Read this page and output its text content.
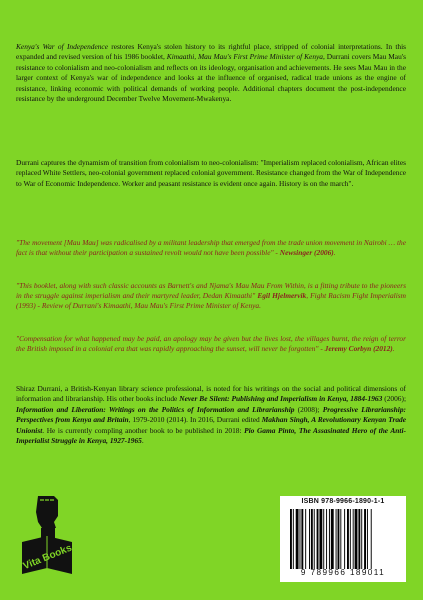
Kenya's War of Independence restores Kenya's stolen history to its rightful place, stripped of colonial interpretations. In this expanded and revised version of his 1986 booklet, Kimaathi, Mau Mau's First Prime Minister of Kenya, Durrani covers Mau Mau's resistance to colonialism and neo-colonialism and reflects on its ideology, organisation and achievements. He sees Mau Mau in the larger context of Kenya's war of independence and looks at the influence of organised, radical trade unions as the engine of resistance, linking economic with political demands of working people. Additional chapters document the post-independence resistance by the underground December Twelve Movement-Mwakenya.

Durrani captures the dynamism of transition from colonialism to neo-colonialism: "Imperialism replaced colonialism, African elites replaced White Settlers, neo-colonial government replaced colonial government. Resistance changed from the War of Independence to War of Economic Independence. Worker and peasant resistance is evident once again. History is on the march".

"The movement [Mau Mau] was radicalised by a militant leadership that emerged from the trade union movement in Nairobi … the fact is that without their participation a sustained revolt would not have been possible" - Newsinger (2006).

"This booklet, along with such classic accounts as Barnett's and Njama's Mau Mau From Within, is a fitting tribute to the pioneers in the struggle against imperialism and their martyred leader, Dedan Kimaathi" Egil Hjelmervik, Fight Racism Fight Imperialism (1993) - Review of Durrani's Kimaathi, Mau Mau's First Prime Minister of Kenya.

"Compensation for what happened may be paid, an apology may be given but the lives lost, the villages burnt, the reign of terror the British imposed in a colonial era that was rapidly approaching the sunset, will never be forgotten" - Jeremy Corbyn (2012).

Shiraz Durrani, a British-Kenyan library science professional, is noted for his writings on the social and political dimensions of information and librarianship. His other books include Never Be Silent: Publishing and Imperialism in Kenya, 1884-1963 (2006); Information and Liberation: Writings on the Politics of Information and Librarianship (2008); Progressive Librarianship: Perspectives from Kenya and Britain, 1979-2010 (2014). In 2016, Durrani edited Makhan Singh, A Revolutionary Kenyan Trade Unionist. He is currently compling another book to be published in 2018: Pio Gama Pinto, The Assasinated Hero of the Anti-Imperialist Struggle in Kenya, 1927-1965.

Vita Books
ISBN 978-9966-1890-1-1
9 789966 189011
